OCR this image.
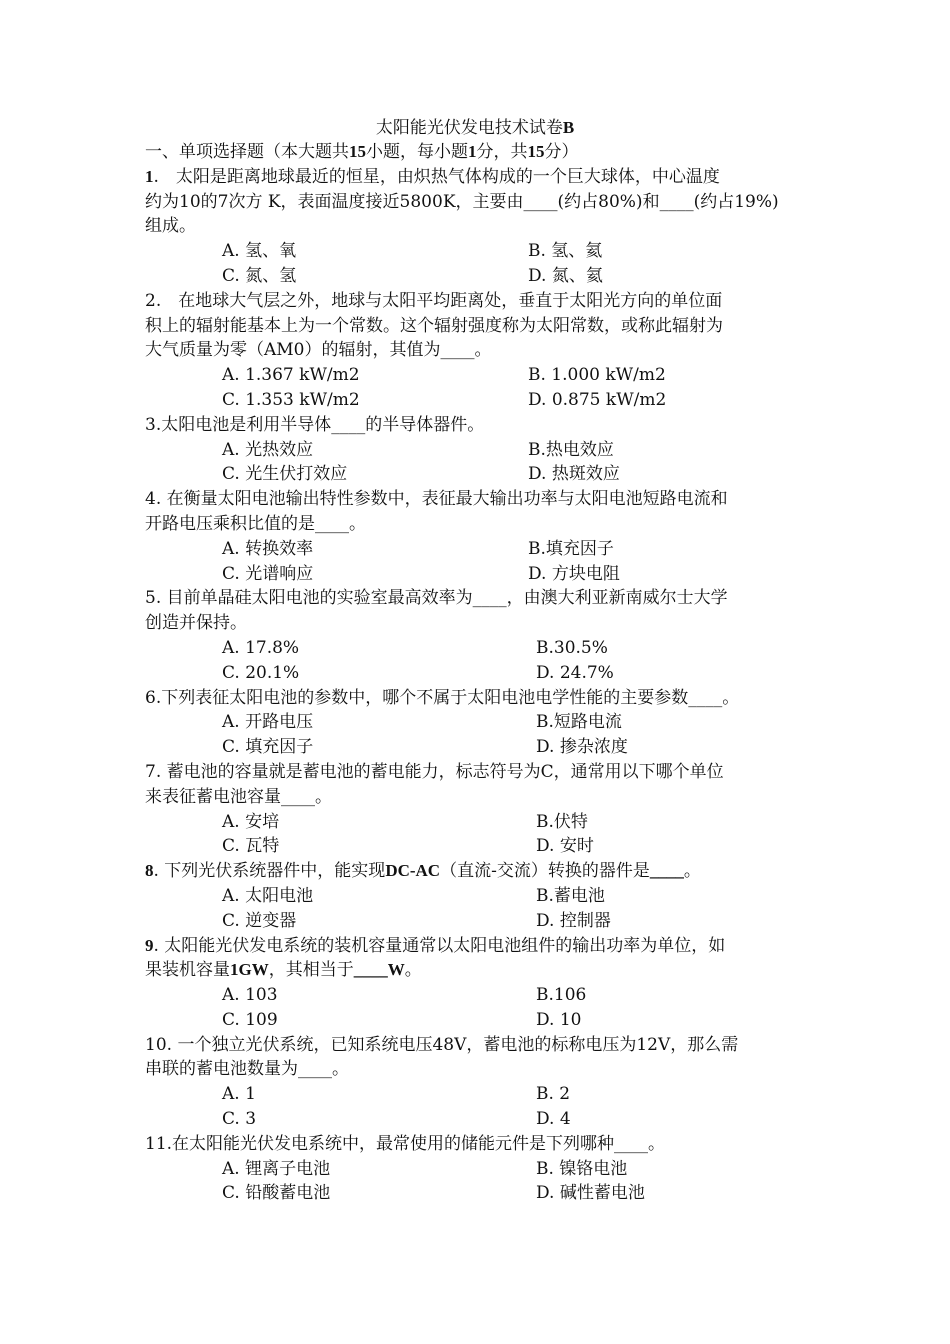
太阳能光伏发电技术试卷B
一、单项选择题（本大题共15小题，每小题1分，共15分）
1.　太阳是距离地球最近的恒星，由炽热气体构成的一个巨大球体，中心温度
约为10的7次方 K，表面温度接近5800K，主要由____(约占80%)和____(约占19%)
组成。
A. 氢、氧	B. 氢、氦
C. 氮、氢	D. 氮、氦
2.　在地球大气层之外，地球与太阳平均距离处，垂直于太阳光方向的单位面
积上的辐射能基本上为一个常数。这个辐射强度称为太阳常数，或称此辐射为
大气质量为零（AM0）的辐射，其值为____。
A. 1.367 kW/m2	B. 1.000 kW/m2
C. 1.353 kW/m2	D. 0.875 kW/m2
3.太阳电池是利用半导体____的半导体器件。
A. 光热效应	B.热电效应
C. 光生伏打效应	D. 热斑效应
4. 在衡量太阳电池输出特性参数中，表征最大输出功率与太阳电池短路电流和
开路电压乘积比值的是____。
A. 转换效率	B.填充因子
C. 光谱响应	D. 方块电阻
5. 目前单晶硅太阳电池的实验室最高效率为____，由澳大利亚新南威尔士大学
创造并保持。
A. 17.8%	B.30.5%
C. 20.1%	D. 24.7%
6.下列表征太阳电池的参数中，哪个不属于太阳电池电学性能的主要参数____。
A. 开路电压	B.短路电流
C. 填充因子	D. 掺杂浓度
7. 蓄电池的容量就是蓄电池的蓄电能力，标志符号为C，通常用以下哪个单位
来表征蓄电池容量____。
A. 安培	B.伏特
C. 瓦特	D. 安时
8. 下列光伏系统器件中，能实现DC-AC（直流-交流）转换的器件是____。
A. 太阳电池	B.蓄电池
C. 逆变器	D. 控制器
9. 太阳能光伏发电系统的装机容量通常以太阳电池组件的输出功率为单位，如
果装机容量1GW，其相当于____W。
A. 103	B.106
C. 109	D. 10
10. 一个独立光伏系统，已知系统电压48V，蓄电池的标称电压为12V，那么需
串联的蓄电池数量为____。
A. 1	B. 2
C. 3	D. 4
11.在太阳能光伏发电系统中，最常使用的储能元件是下列哪种____。
A. 锂离子电池	B. 镍铬电池
C. 铅酸蓄电池	D. 碱性蓄电池
